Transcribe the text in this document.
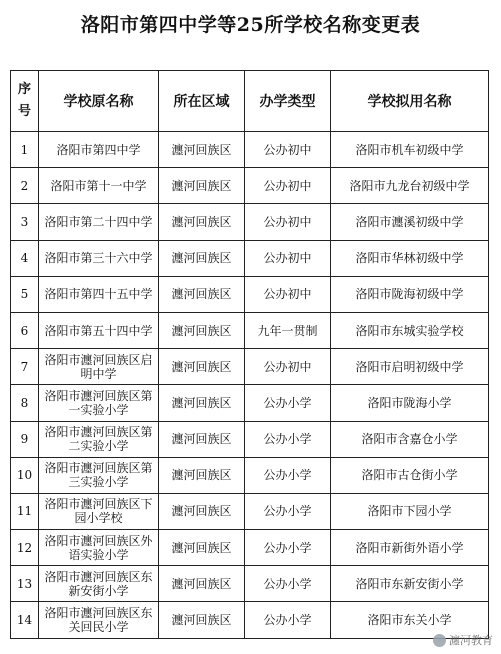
洛阳市第四中学等25所学校名称变更表
序
号	学校原名称	所在区域	办学类型	学校拟用名称
1	洛阳市第四中学	瀍河回族区	公办初中	洛阳市机车初级中学
2	洛阳市第十一中学	瀍河回族区	公办初中	洛阳市九龙台初级中学
3	洛阳市第二十四中学	瀍河回族区	公办初中	洛阳市瀍溪初级中学
4	洛阳市第三十六中学	瀍河回族区	公办初中	洛阳市华林初级中学
5	洛阳市第四十五中学	瀍河回族区	公办初中	洛阳市陇海初级中学
6	洛阳市第五十四中学	瀍河回族区	九年一贯制	洛阳市东城实验学校
7	洛阳市瀍河回族区启明中学	瀍河回族区	公办初中	洛阳市启明初级中学
8	洛阳市瀍河回族区第一实验小学	瀍河回族区	公办小学	洛阳市陇海小学
9	洛阳市瀍河回族区第二实验小学	瀍河回族区	公办小学	洛阳市含嘉仓小学
10	洛阳市瀍河回族区第三实验小学	瀍河回族区	公办小学	洛阳市古仓街小学
11	洛阳市瀍河回族区下园小学校	瀍河回族区	公办小学	洛阳市下园小学
12	洛阳市瀍河回族区外语实验小学	瀍河回族区	公办小学	洛阳市新街外语小学
13	洛阳市瀍河回族区东新安街小学	瀍河回族区	公办小学	洛阳市东新安街小学
14	洛阳市瀍河回族区东关回民小学	瀍河回族区	公办小学	洛阳市东关小学
瀍河教育
